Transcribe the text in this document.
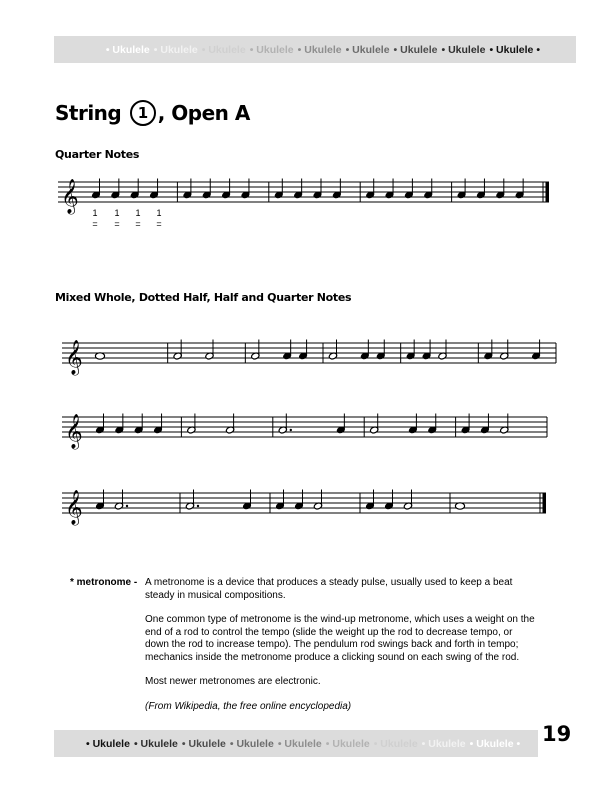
• Ukulele • Ukulele • Ukulele • Ukulele • Ukulele • Ukulele • Ukulele • Ukulele • Ukulele •
String 1 , Open A
Quarter Notes
𝄞
𝄞
𝄞
𝄞
Mixed Whole, Dotted Half, Half and Quarter Notes
1
=
1
=
1
=
1
=
* metronome - A metronome is a device that produces a steady pulse, usually used to keep a beat steady in musical compositions.

One common type of metronome is the wind-up metronome, which uses a weight on the end of a rod to control the tempo (slide the weight up the rod to decrease tempo, or down the rod to increase tempo). The pendulum rod swings back and forth in tempo; mechanics inside the metronome produce a clicking sound on each swing of the rod.

Most newer metronomes are electronic.

(From Wikipedia, the free online encyclopedia)

• Ukulele • Ukulele • Ukulele • Ukulele • Ukulele • Ukulele • Ukulele • Ukulele • Ukulele • 19
